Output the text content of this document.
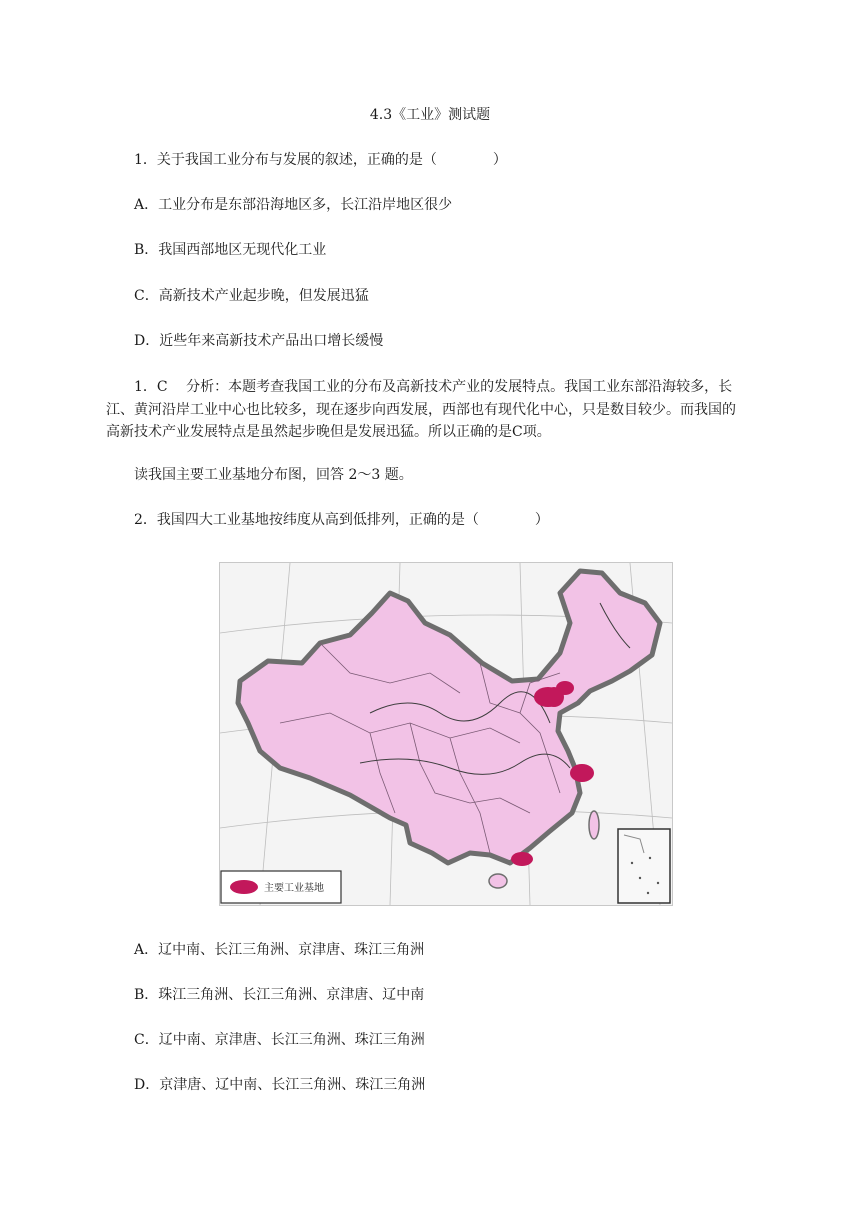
4.3《工业》测试题
1．关于我国工业分布与发展的叙述，正确的是（　　　　）
A．工业分布是东部沿海地区多，长江沿岸地区很少
B．我国西部地区无现代化工业
C．高新技术产业起步晚，但发展迅猛
D．近些年来高新技术产品出口增长缓慢
1．C　 分析：本题考查我国工业的分布及高新技术产业的发展特点。我国工业东部沿海较多，长江、黄河沿岸工业中心也比较多，现在逐步向西发展，西部也有现代化中心，只是数目较少。而我国的高新技术产业发展特点是虽然起步晚但是发展迅猛。所以正确的是C项。
读我国主要工业基地分布图，回答 2～3 题。
2．我国四大工业基地按纬度从高到低排列，正确的是（　　　　）
主要工业基地
A．辽中南、长江三角洲、京津唐、珠江三角洲
B．珠江三角洲、长江三角洲、京津唐、辽中南
C．辽中南、京津唐、长江三角洲、珠江三角洲
D．京津唐、辽中南、长江三角洲、珠江三角洲
